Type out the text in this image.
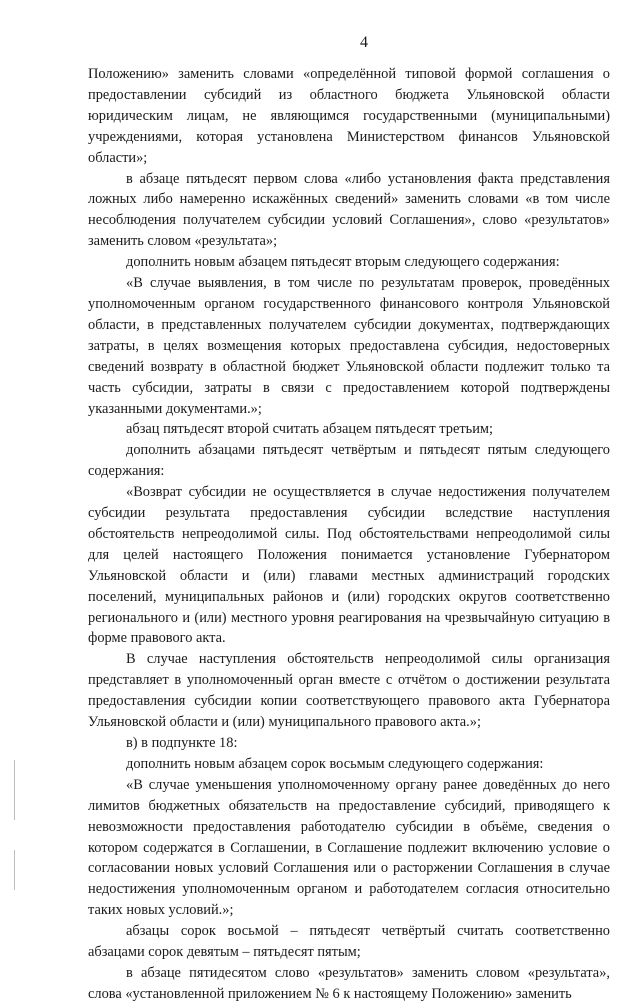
4

Положению» заменить словами «определённой типовой формой соглашения о предоставлении субсидий из областного бюджета Ульяновской области юридическим лицам, не являющимся государственными (муниципальными) учреждениями, которая установлена Министерством финансов Ульяновской области»;

в абзаце пятьдесят первом слова «либо установления факта представления ложных либо намеренно искажённых сведений» заменить словами «в том числе несоблюдения получателем субсидии условий Соглашения», слово «результатов» заменить словом «результата»;

дополнить новым абзацем пятьдесят вторым следующего содержания:

«В случае выявления, в том числе по результатам проверок, проведённых уполномоченным органом государственного финансового контроля Ульяновской области, в представленных получателем субсидии документах, подтверждающих затраты, в целях возмещения которых предоставлена субсидия, недостоверных сведений возврату в областной бюджет Ульяновской области подлежит только та часть субсидии, затраты в связи с предоставлением которой подтверждены указанными документами.»;

абзац пятьдесят второй считать абзацем пятьдесят третьим;

дополнить абзацами пятьдесят четвёртым и пятьдесят пятым следующего содержания:

«Возврат субсидии не осуществляется в случае недостижения получателем субсидии результата предоставления субсидии вследствие наступления обстоятельств непреодолимой силы. Под обстоятельствами непреодолимой силы для целей настоящего Положения понимается установление Губернатором Ульяновской области и (или) главами местных администраций городских поселений, муниципальных районов и (или) городских округов соответственно регионального и (или) местного уровня реагирования на чрезвычайную ситуацию в форме правового акта.

В случае наступления обстоятельств непреодолимой силы организация представляет в уполномоченный орган вместе с отчётом о достижении результата предоставления субсидии копии соответствующего правового акта Губернатора Ульяновской области и (или) муниципального правового акта.»;

в) в подпункте 18:

дополнить новым абзацем сорок восьмым следующего содержания:

«В случае уменьшения уполномоченному органу ранее доведённых до него лимитов бюджетных обязательств на предоставление субсидий, приводящего к невозможности предоставления работодателю субсидии в объёме, сведения о котором содержатся в Соглашении, в Соглашение подлежит включению условие о согласовании новых условий Соглашения или о расторжении Соглашения в случае недостижения уполномоченным органом и работодателем согласия относительно таких новых условий.»;

абзацы сорок восьмой – пятьдесят четвёртый считать соответственно абзацами сорок девятым – пятьдесят пятым;

в абзаце пятидесятом слово «результатов» заменить словом «результата», слова «установленной приложением № 6 к настоящему Положению» заменить
